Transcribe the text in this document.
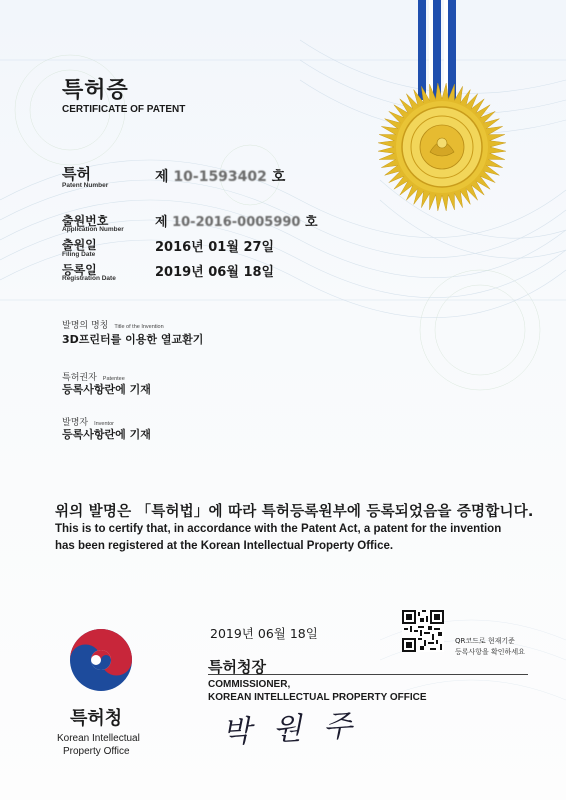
특허증
CERTIFICATE OF PATENT
특허
Patent Number
제 10-1593402 호
출원번호
Application Number 제 10-2016-0005990 호
출원일
Filing Date	2016년 01월 27일
등록일
Registration Date	2019년 06월 18일
발명의 명칭 Title of the Invention
3D프린터를 이용한 열교환기
특허권자 Patentee
등록사항란에 기재
발명자 Inventor
등록사항란에 기재
위의 발명은 「특허법」에 따라 특허등록원부에 등록되었음을 증명합니다.
This is to certify that, in accordance with the Patent Act, a patent for the invention
has been registered at the Korean Intellectual Property Office.
2019년 06월 18일	QR코드로 현재기준
등록사항을 확인하세요
특허청장
COMMISSIONER,
KOREAN INTELLECTUAL PROPERTY OFFICE
박 원 주
특허청
Korean Intellectual
Property Office
